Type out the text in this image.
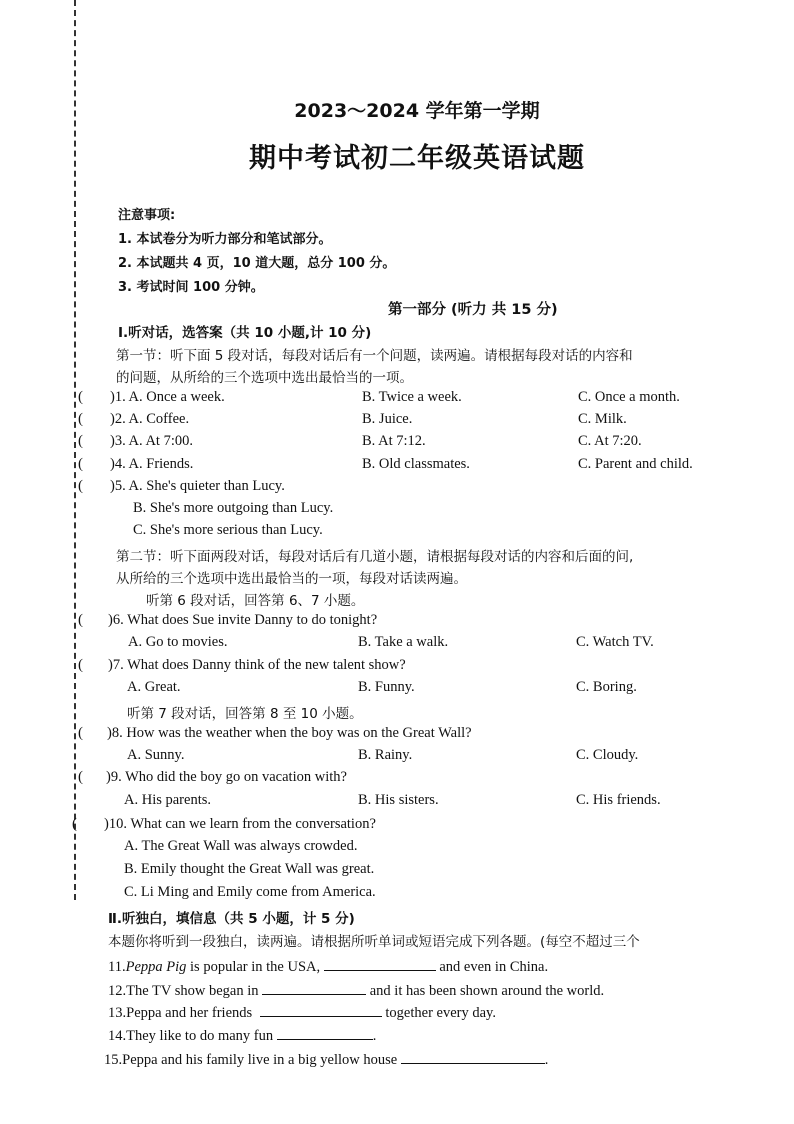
2023～2024 学年第一学期
期中考试初二年级英语试题
注意事项:
1. 本试卷分为听力部分和笔试部分。
2. 本试题共 4 页，10 道大题，总分 100 分。
3. 考试时间 100 分钟。
第一部分 (听力 共 15 分)
Ⅰ.听对话，选答案（共 10 小题,计 10 分)
第一节：听下面 5 段对话，每段对话后有一个问题，读两遍。请根据每段对话的内容和
的问题，从所给的三个选项中选出最恰当的一项。
( )1. A. Once a week.	B. Twice a week.	C. Once a month.
( )2. A. Coffee.	B. Juice.	C. Milk.
( )3. A. At 7:00.	B. At 7:12.	C. At 7:20.
( )4. A. Friends.	B. Old classmates.	C. Parent and child.
( )5. A. She's quieter than Lucy.
B. She's more outgoing than Lucy.
C. She's more serious than Lucy.
第二节：听下面两段对话，每段对话后有几道小题，请根据每段对话的内容和后面的问,
从所给的三个选项中选出最恰当的一项，每段对话读两遍。
听第 6 段对话，回答第 6、7 小题。
( )6. What does Sue invite Danny to do tonight?
A. Go to movies.	B. Take a walk.	C. Watch TV.
( )7. What does Danny think of the new talent show?
A. Great.	B. Funny.	C. Boring.
听第 7 段对话，回答第 8 至 10 小题。
( )8. How was the weather when the boy was on the Great Wall?
A. Sunny.	B. Rainy.	C. Cloudy.
( )9. Who did the boy go on vacation with?
A. His parents.	B. His sisters.	C. His friends.
( )10. What can we learn from the conversation?
A. The Great Wall was always crowded.
B. Emily thought the Great Wall was great.
C. Li Ming and Emily come from America.
Ⅱ.听独白，填信息（共 5 小题，计 5 分)
本题你将听到一段独白，读两遍。请根据所听单词或短语完成下列各题。(每空不超过三个
11.Peppa Pig is popular in the USA,	and even in China.
12.The TV show began in	and it has been shown around the world.
13.Peppa and her friends	together every day.
14.They like to do many fun	.
15.Peppa and his family live in a big yellow house	.
